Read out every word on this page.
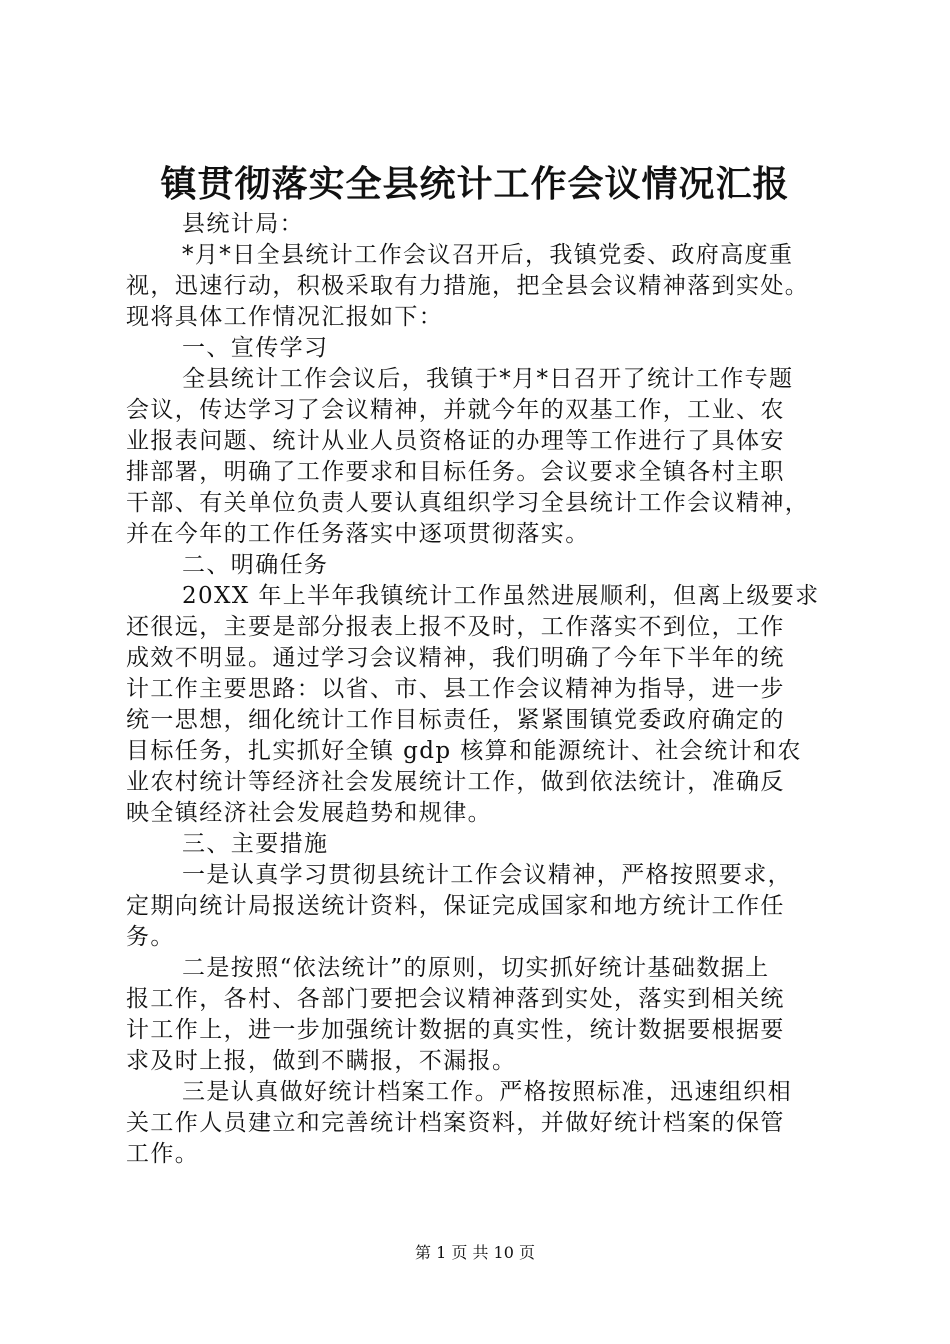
镇贯彻落实全县统计工作会议情况汇报
县统计局：
*月*日全县统计工作会议召开后，我镇党委、政府高度重
视，迅速行动，积极采取有力措施，把全县会议精神落到实处。
现将具体工作情况汇报如下：
一、宣传学习
全县统计工作会议后，我镇于*月*日召开了统计工作专题
会议，传达学习了会议精神，并就今年的双基工作，工业、农
业报表问题、统计从业人员资格证的办理等工作进行了具体安
排部署，明确了工作要求和目标任务。会议要求全镇各村主职
干部、有关单位负责人要认真组织学习全县统计工作会议精神，
并在今年的工作任务落实中逐项贯彻落实。
二、明确任务
20XX 年上半年我镇统计工作虽然进展顺利，但离上级要求
还很远，主要是部分报表上报不及时，工作落实不到位，工作
成效不明显。通过学习会议精神，我们明确了今年下半年的统
计工作主要思路：以省、市、县工作会议精神为指导，进一步
统一思想，细化统计工作目标责任，紧紧围镇党委政府确定的
目标任务，扎实抓好全镇 gdp 核算和能源统计、社会统计和农
业农村统计等经济社会发展统计工作，做到依法统计，准确反
映全镇经济社会发展趋势和规律。
三、主要措施
一是认真学习贯彻县统计工作会议精神，严格按照要求，
定期向统计局报送统计资料，保证完成国家和地方统计工作任
务。
二是按照“依法统计”的原则，切实抓好统计基础数据上
报工作，各村、各部门要把会议精神落到实处，落实到相关统
计工作上，进一步加强统计数据的真实性，统计数据要根据要
求及时上报，做到不瞒报，不漏报。
三是认真做好统计档案工作。严格按照标准，迅速组织相
关工作人员建立和完善统计档案资料，并做好统计档案的保管
工作。
第 1 页 共 10 页
